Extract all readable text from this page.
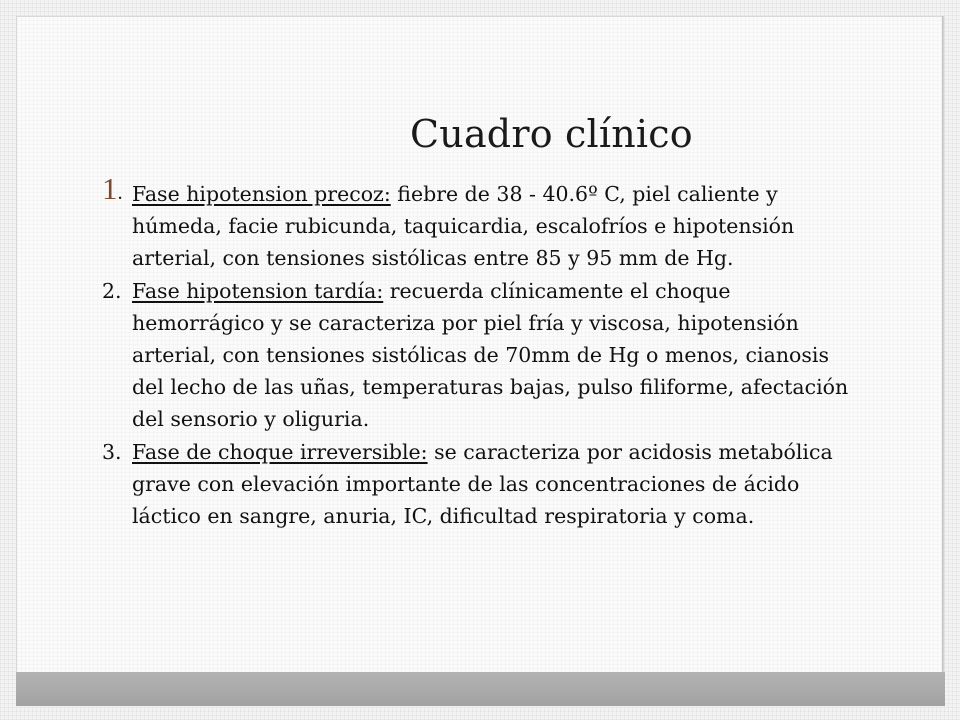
Cuadro clínico
1. Fase hipotension precoz: fiebre de 38 - 40.6º C, piel caliente y húmeda, facie rubicunda, taquicardia, escalofríos e hipotensión arterial, con tensiones sistólicas entre 85 y 95 mm de Hg.
2. Fase hipotension tardía: recuerda clínicamente el choque hemorrágico y se caracteriza por piel fría y viscosa, hipotensión arterial, con tensiones sistólicas de 70mm de Hg o menos, cianosis del lecho de las uñas, temperaturas bajas, pulso filiforme, afectación del sensorio y oliguria.
3. Fase de choque irreversible: se caracteriza por acidosis metabólica grave con elevación importante de las concentraciones de ácido láctico en sangre, anuria, IC, dificultad respiratoria y coma.
